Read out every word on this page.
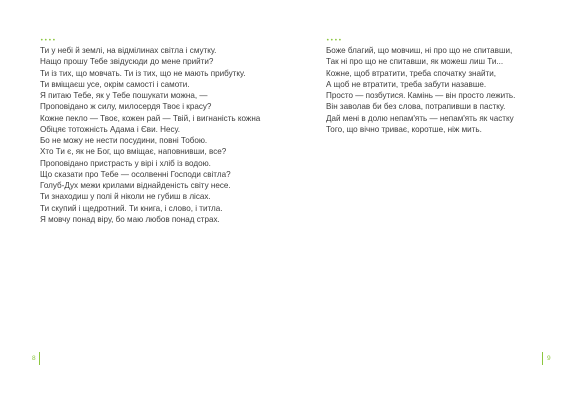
••••
Ти у небі й землі, на відмілинах світла і смутку.
Нащо прошу Тебе звідусюди до мене прийти?
Ти із тих, що мовчать. Ти із тих, що не мають прибутку.
Ти вміщаєш усе, окрім самості і самоти.
Я питаю Тебе, як у Тебе пошукати можна, —
Проповідано ж силу, милосердя Твоє і красу?
Кожне пекло — Твоє, кожен рай — Твій, і вигнаність кожна
Обіцяє тотожність Адама і Єви. Несу.
Бо не можу не нести посудини, повні Тобою.
Хто Ти є, як не Бог, що вміщає, наповнивши, все?
Проповідано пристрасть у вірі і хліб із водою.
Що сказати про Тебе — осолвенні Господи світла?
Голуб-Дух межи крилами віднайденість світу несе.
Ти знаходиш у полі й ніколи не губиш в лісах.
Ти скупий і щедротний. Ти книга, і слово, і титла.
Я мовчу понад віру, бо маю любов понад страх.
8
••••
Боже благий, що мовчиш, ні про що не спитавши,
Так ні про що не спитавши, як можеш лиш Ти...
Кожне, щоб втратити, треба спочатку знайти,
А щоб не втратити, треба забути назавше.
Просто — позбутися. Камінь — він просто лежить.
Він заволав би без слова, потрапивши в пастку.
Дай мені в долю непам'ять — непам'ять як частку
Того, що вічно триває, коротше, ніж мить.
9
